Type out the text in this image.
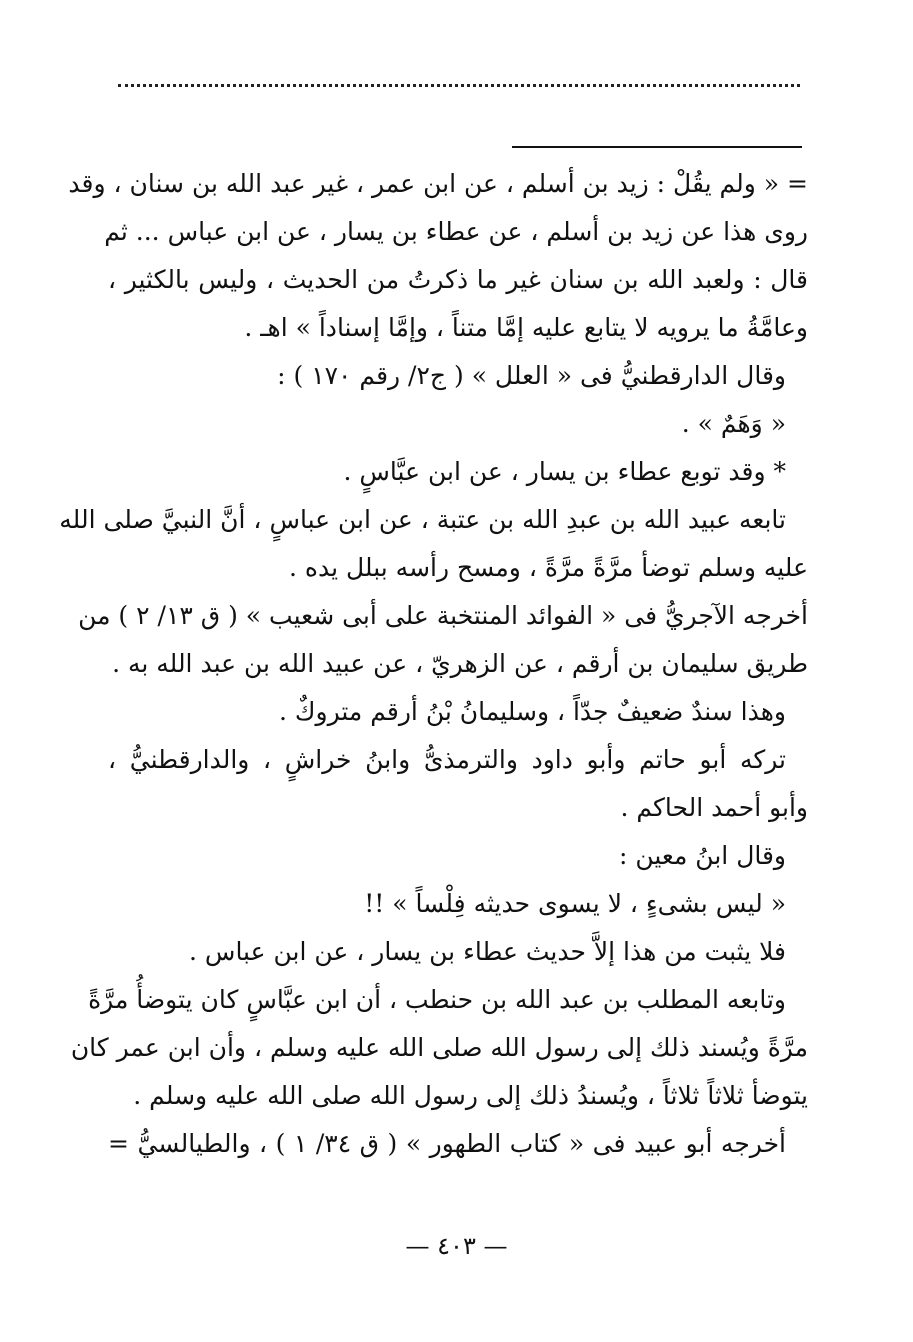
= « ولم يقُلْ : زيد بن أسلم ، عن ابن عمر ، غير عبد الله بن سنان ، وقد
روى هذا عن زيد بن أسلم ، عن عطاء بن يسار ، عن ابن عباس ... ثم
قال : ولعبد الله بن سنان غير ما ذكرتُ من الحديث ، وليس بالكثير ،
وعامَّةُ ما يرويه لا يتابع عليه إمَّا متناً ، وإمَّا إسناداً » اهـ .
وقال الدارقطنيُّ فى « العلل » ( ج٢/ رقم ١٧٠ ) :
« وَهَمٌ » .
* وقد توبع عطاء بن يسار ، عن ابن عبَّاسٍ .
تابعه عبيد الله بن عبدِ الله بن عتبة ، عن ابن عباسٍ ، أنَّ النبيَّ صلى الله
عليه وسلم توضأ مرَّةً مرَّةً ، ومسح رأسه ببلل يده .
أخرجه الآجريُّ فى « الفوائد المنتخبة على أبى شعيب » ( ق ١٣/ ٢ ) من
طريق سليمان بن أرقم ، عن الزهريّ ، عن عبيد الله بن عبد الله به .
وهذا سندٌ ضعيفٌ جدّاً ، وسليمانُ بْنُ أرقم متروكٌ .
تركه أبو حاتم وأبو داود والترمذىُّ وابنُ خراشٍ ، والدارقطنيُّ ،
وأبو أحمد الحاكم .
وقال ابنُ معين :
« ليس بشىءٍ ، لا يسوى حديثه فِلْساً » !!
فلا يثبت من هذا إلاَّ حديث عطاء بن يسار ، عن ابن عباس .
وتابعه المطلب بن عبد الله بن حنطب ، أن ابن عبَّاسٍ كان يتوضأُ مرَّةً
مرَّةً ويُسند ذلك إلى رسول الله صلى الله عليه وسلم ، وأن ابن عمر كان
يتوضأ ثلاثاً ثلاثاً ، ويُسندُ ذلك إلى رسول الله صلى الله عليه وسلم .
أخرجه أبو عبيد فى « كتاب الطهور » ( ق ٣٤/ ١ ) ، والطيالسيُّ =
— ٤٠٣ —
